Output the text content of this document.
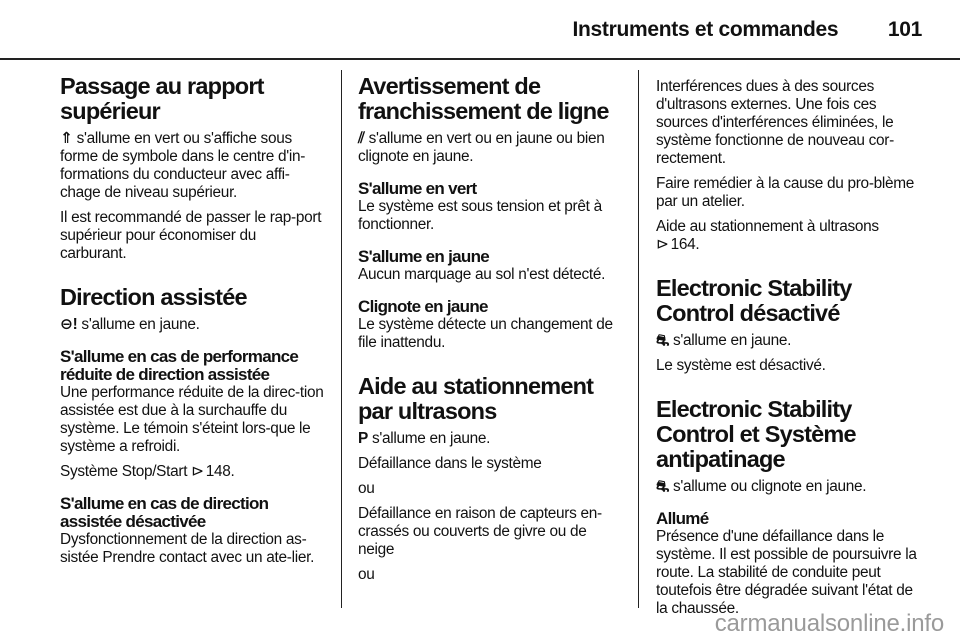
Instruments et commandes 101
Passage au rapport supérieur

⇑ s'allume en vert ou s'affiche sous forme de symbole dans le centre d'in-formations du conducteur avec affi-chage de niveau supérieur.

Il est recommandé de passer le rap-port supérieur pour économiser du carburant.

Direction assistée

⊖! s'allume en jaune.

S'allume en cas de performance réduite de direction assistée

Une performance réduite de la direc-tion assistée est due à la surchauffe du système. Le témoin s'éteint lors-que le système a refroidi.

Système Stop/Start ⊳ 148.

S'allume en cas de direction assistée désactivée

Dysfonctionnement de la direction as-sistée Prendre contact avec un ate-lier.

Avertissement de franchissement de ligne

⫽ s'allume en vert ou en jaune ou bien clignote en jaune.

S'allume en vert

Le système est sous tension et prêt à fonctionner.

S'allume en jaune

Aucun marquage au sol n'est détecté.

Clignote en jaune

Le système détecte un changement de file inattendu.

Aide au stationnement par ultrasons

P s'allume en jaune.

Défaillance dans le système

ou

Défaillance en raison de capteurs en-crassés ou couverts de givre ou de neige

ou

Interférences dues à des sources d'ultrasons externes. Une fois ces sources d'interférences éliminées, le système fonctionne de nouveau cor-rectement.

Faire remédier à la cause du pro-blème par un atelier.

Aide au stationnement à ultrasons
⊳ 164.

Electronic Stability Control désactivé

⛐ s'allume en jaune.

Le système est désactivé.

Electronic Stability Control et Système antipatinage

⛐ s'allume ou clignote en jaune.

Allumé

Présence d'une défaillance dans le système. Il est possible de poursuivre la route. La stabilité de conduite peut toutefois être dégradée suivant l'état de la chaussée.

carmanualsonline.info
